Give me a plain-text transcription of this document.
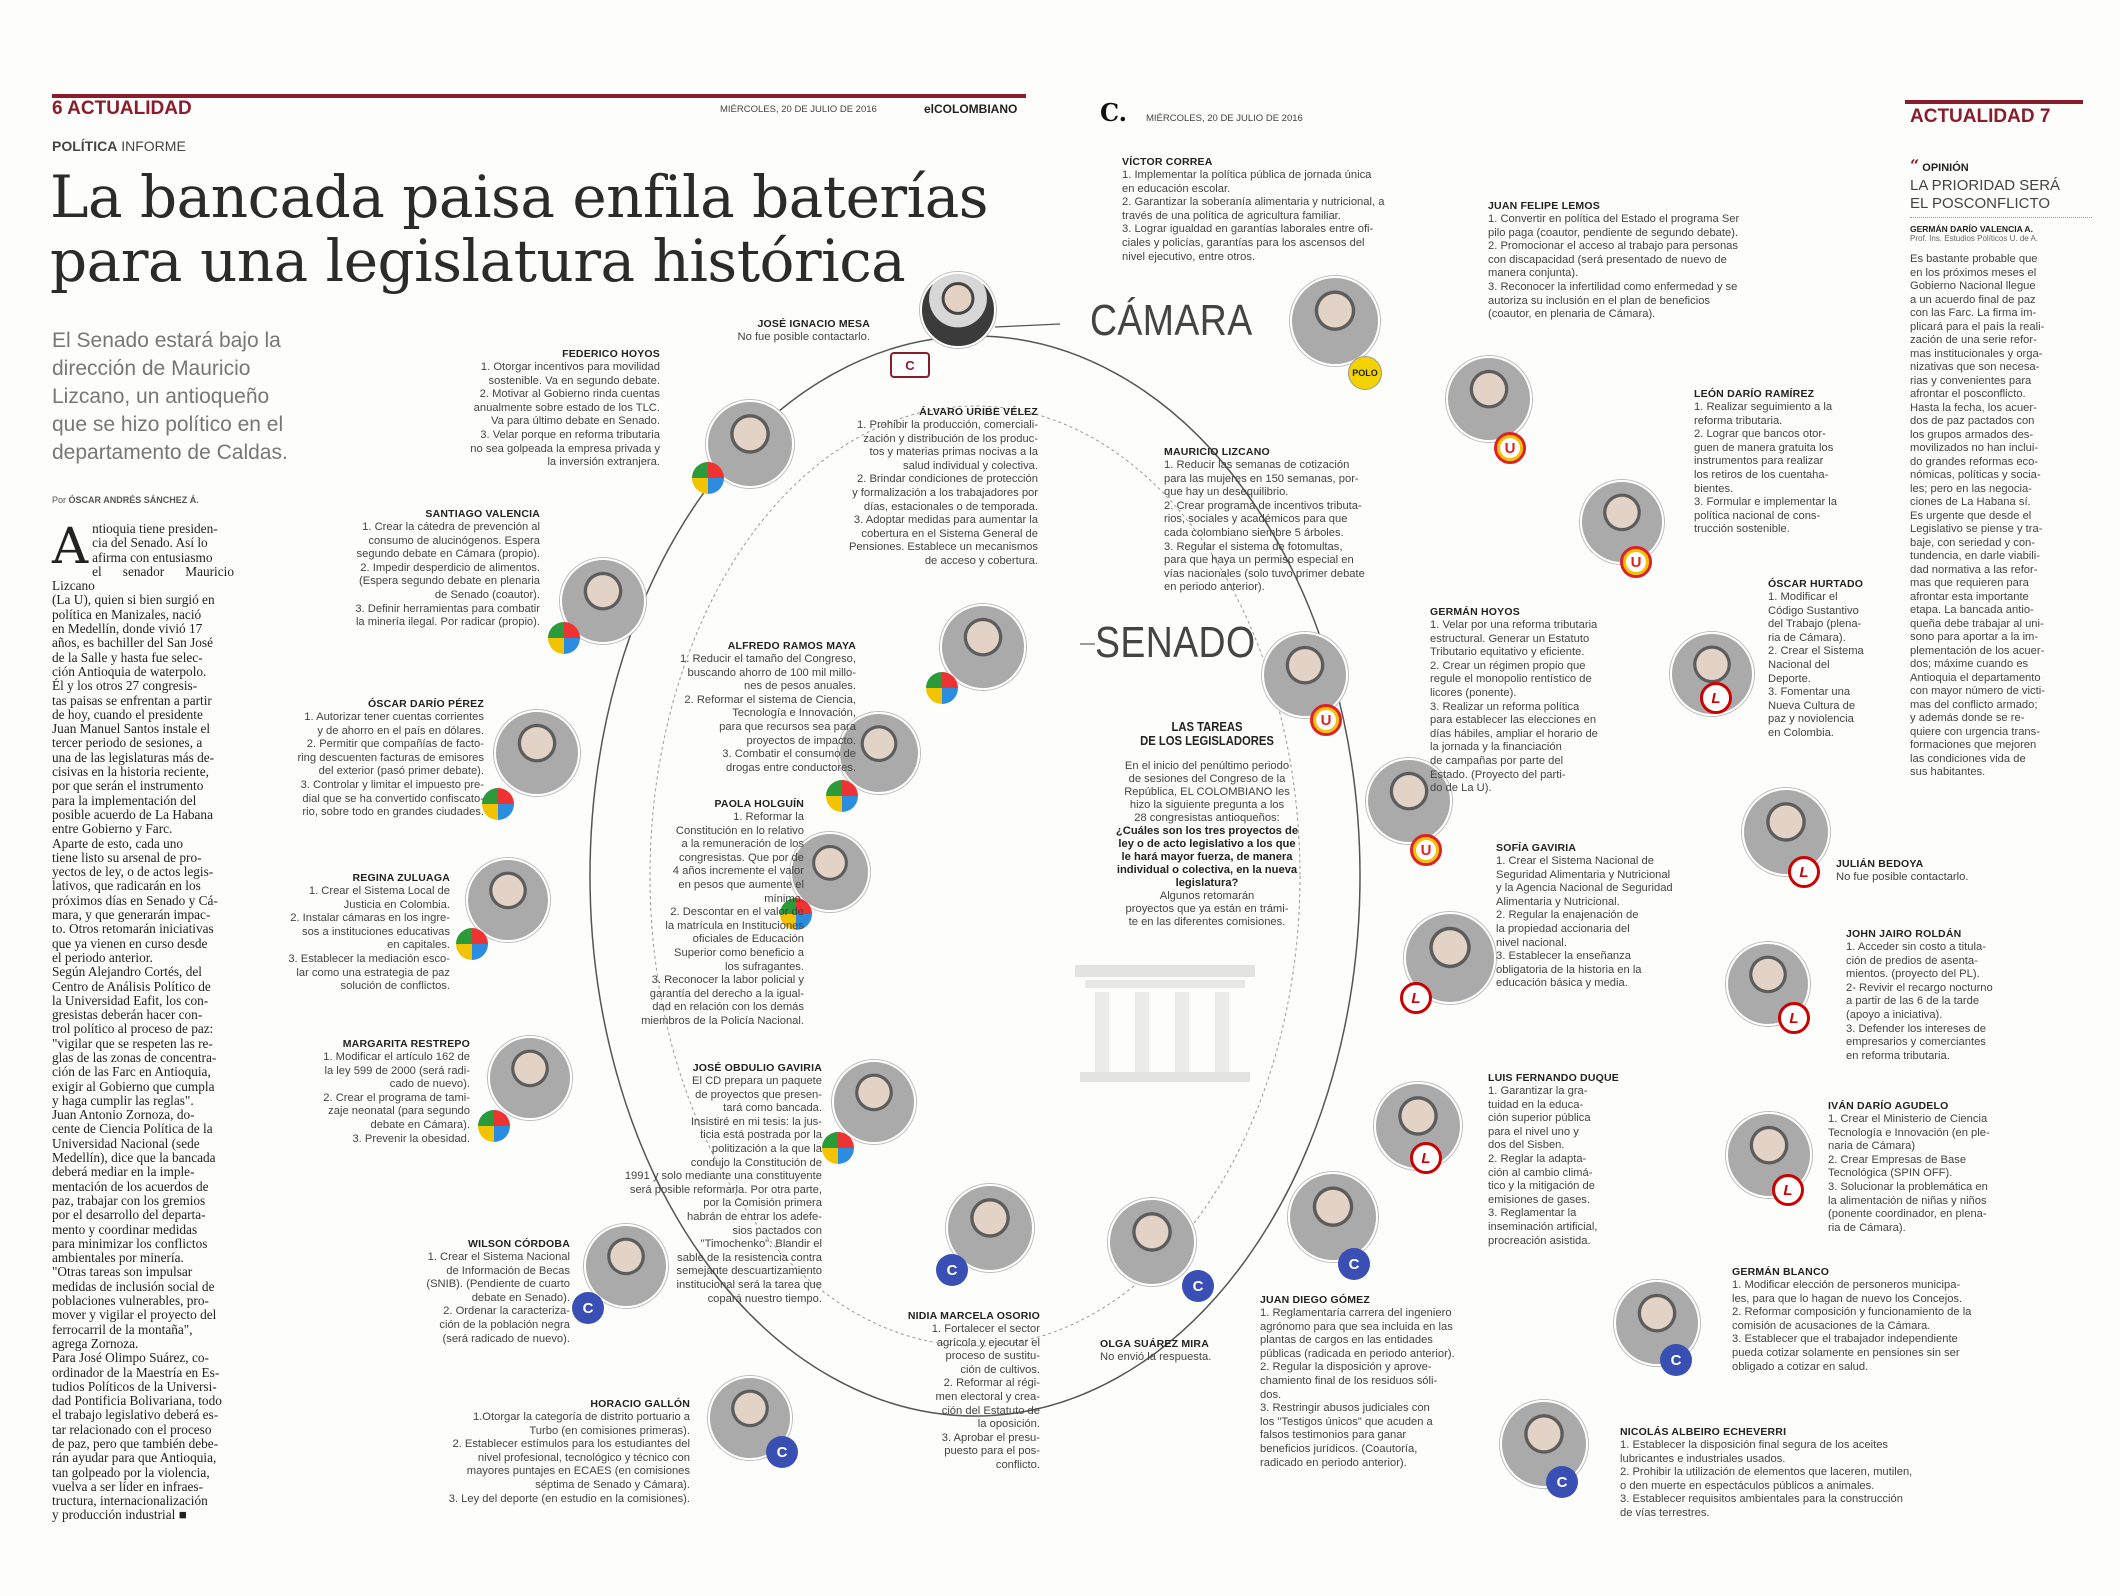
6 ACTUALIDAD	MIÉRCOLES, 20 DE JULIO DE 2016	elCOLOMBIANO
POLÍTICA INFORME
La bancada paisa enfila baterías
para una legislatura histórica
El Senado estará bajo la
dirección de Mauricio
Lizcano, un antioqueño
que se hizo político en el
departamento de Caldas.
Por ÓSCAR ANDRÉS SÁNCHEZ Á.
A ntioquia tiene presiden-
cia del Senado. Así lo
afirma con entusiasmo
el senador Mauricio Lizcano
(La U), quien si bien surgió en
política en Manizales, nació
en Medellín, donde vivió 17
años, es bachiller del San José
de la Salle y hasta fue selec-
ción Antioquia de waterpolo.
Él y los otros 27 congresis-
tas paisas se enfrentan a partir
de hoy, cuando el presidente
Juan Manuel Santos instale el
tercer periodo de sesiones, a
una de las legislaturas más de-
cisivas en la historia reciente,
por que serán el instrumento
para la implementación del
posible acuerdo de La Habana
entre Gobierno y Farc.
Aparte de esto, cada uno
tiene listo su arsenal de pro-
yectos de ley, o de actos legis-
lativos, que radicarán en los
próximos días en Senado y Cá-
mara, y que generarán impac-
to. Otros retomarán iniciativas
que ya vienen en curso desde
el periodo anterior.
Según Alejandro Cortés, del
Centro de Análisis Político de
la Universidad Eafit, los con-
gresistas deberán hacer con-
trol político al proceso de paz:
"vigilar que se respeten las re-
glas de las zonas de concentra-
ción de las Farc en Antioquia,
exigir al Gobierno que cumpla
y haga cumplir las reglas".
Juan Antonio Zornoza, do-
cente de Ciencia Política de la
Universidad Nacional (sede
Medellín), dice que la bancada
deberá mediar en la imple-
mentación de los acuerdos de
paz, trabajar con los gremios
por el desarrollo del departa-
mento y coordinar medidas
para minimizar los conflictos
ambientales por minería.
"Otras tareas son impulsar
medidas de inclusión social de
poblaciones vulnerables, pro-
mover y vigilar el proyecto del
ferrocarril de la montaña",
agrega Zornoza.
Para José Olimpo Suárez, co-
ordinador de la Maestría en Es-
tudios Políticos de la Universi-
dad Pontificia Bolivariana, todo
el trabajo legislativo deberá es-
tar relacionado con el proceso
de paz, pero que también debe-
rán ayudar para que Antioquia,
tan golpeado por la violencia,
vuelva a ser líder en infraes-
tructura, internacionalización
y producción industrial ■
C. MIÉRCOLES, 20 DE JULIO DE 2016	ACTUALIDAD 7
“ OPINIÓN
LA PRIORIDAD SERÁ
EL POSCONFLICTO
GERMÁN DARÍO VALENCIA A.
Prof. Ins. Estudios Políticos U. de A.
Es bastante probable que
en los próximos meses el
Gobierno Nacional llegue
a un acuerdo final de paz
con las Farc. La firma im-
plicará para el país la reali-
zación de una serie refor-
mas institucionales y orga-
nizativas que son necesa-
rias y convenientes para
afrontar el posconflicto.
Hasta la fecha, los acuer-
dos de paz pactados con
los grupos armados des-
movilizados no han inclui-
do grandes reformas eco-
nómicas, políticas y socia-
les; pero en las negocia-
ciones de La Habana sí.
Es urgente que desde el
Legislativo se piense y tra-
baje, con seriedad y con-
tundencia, en darle viabili-
dad normativa a las refor-
mas que requieren para
afrontar esta importante
etapa. La bancada antio-
queña debe trabajar al uni-
sono para aportar a la im-
plementación de los acuer-
dos; máxime cuando es
Antioquia el departamento
con mayor número de victi-
mas del conflicto armado;
y además donde se re-
quiere con urgencia trans-
formaciones que mejoren
las condiciones vida de
sus habitantes.
CÁMARA
SENADO
LAS TAREAS
DE LOS LEGISLADORES
En el inicio del penúltimo periodo
de sesiones del Congreso de la
República, EL COLOMBIANO les
hizo la siguiente pregunta a los
28 congresistas antioqueños:
¿Cuáles son los tres proyectos de
ley o de acto legislativo a los que
le hará mayor fuerza, de manera
individual o colectiva, en la nueva
legislatura?
Algunos retomarán
proyectos que ya están en trámi-
te en las diferentes comisiones.
C
C
C
C
POLO
U
U
U
L
U
L
L
L
L
L
C
C
C
C
JOSÉ IGNACIO MESA
No fue posible contactarlo.
FEDERICO HOYOS
1. Otorgar incentivos para movilidad
sostenible. Va en segundo debate.
2. Motivar al Gobierno rinda cuentas
anualmente sobre estado de los TLC.
Va para último debate en Senado.
3. Velar porque en reforma tributaria
no sea golpeada la empresa privada y
la inversión extranjera.
ÁLVARO URIBE VÉLEZ
1. Prohibir la producción, comerciali-
zación y distribución de los produc-
tos y materias primas nocivas a la
salud individual y colectiva.
2. Brindar condiciones de protección
y formalización a los trabajadores por
días, estacionales o de temporada.
3. Adoptar medidas para aumentar la
cobertura en el Sistema General de
Pensiones. Establece un mecanismos
de acceso y cobertura.
SANTIAGO VALENCIA
1. Crear la cátedra de prevención al
consumo de alucinógenos. Espera
segundo debate en Cámara (propio).
2. Impedir desperdicio de alimentos.
(Espera segundo debate en plenaria
de Senado (coautor).
3. Definir herramientas para combatir
la minería ilegal. Por radicar (propio).
ALFREDO RAMOS MAYA
1. Reducir el tamaño del Congreso,
buscando ahorro de 100 mil millo-
nes de pesos anuales.
2. Reformar el sistema de Ciencia,
Tecnología e Innovación,
para que recursos sea para
proyectos de impacto.
3. Combatir el consumo de
drogas entre conductores.
ÓSCAR DARÍO PÉREZ
1. Autorizar tener cuentas corrientes
y de ahorro en el país en dólares.
2. Permitir que compañías de facto-
ring descuenten facturas de emisores
del exterior (pasó primer debate).
3. Controlar y limitar el impuesto pre-
dial que se ha convertido confiscato-
rio, sobre todo en grandes ciudades.
PAOLA HOLGUÍN
1. Reformar la
Constitución en lo relativo
a la remuneración de los
congresistas. Que por de
4 años incremente el valor
en pesos que aumente el
mínimo.
2. Descontar en el valor de
la matrícula en Instituciones
oficiales de Educación
Superior como beneficio a
los sufragantes.
3. Reconocer la labor policial y
garantía del derecho a la igual-
dad en relación con los demás
miembros de la Policía Nacional.
REGINA ZULUAGA
1. Crear el Sistema Local de
Justicia en Colombia.
2. Instalar cámaras en los ingre-
sos a instituciones educativas
en capitales.
3. Establecer la mediación esco-
lar como una estrategia de paz
solución de conflictos.
MARGARITA RESTREPO
1. Modificar el artículo 162 de
la ley 599 de 2000 (será radi-
cado de nuevo).
2. Crear el programa de tami-
zaje neonatal (para segundo
debate en Cámara).
3. Prevenir la obesidad.
JOSÉ OBDULIO GAVIRIA
El CD prepara un paquete
de proyectos que presen-
tará como bancada.
Insistiré en mi tesis: la jus-
ticia está postrada por la
politización a la que la
condujo la Constitución de
1991 y solo mediante una constituyente
será posible reformarla. Por otra parte,
por la Comisión primera
habrán de entrar los adefe-
sios pactados con
"Timochenko". Blandir el
sable de la resistencia contra
semejante descuartizamiento
institucional será la tarea que
copará nuestro tiempo.
WILSON CÓRDOBA
1. Crear el Sistema Nacional
de Información de Becas
(SNIB). (Pendiente de cuarto
debate en Senado).
2. Ordenar la caracteriza-
ción de la población negra
(será radicado de nuevo).
NIDIA MARCELA OSORIO
1. Fortalecer el sector
agrícola y ejecutar el
proceso de sustitu-
ción de cultivos.
2. Reformar al régi-
men electoral y crea-
ción del Estatuto de
la oposición.
3. Aprobar el presu-
puesto para el pos-
conflicto.
HORACIO GALLÓN
1.Otorgar la categoría de distrito portuario a
Turbo (en comisiones primeras).
2. Establecer estímulos para los estudiantes del
nivel profesional, tecnológico y técnico con
mayores puntajes en ECAES (en comisiones
séptima de Senado y Cámara).
3. Ley del deporte (en estudio en la comisiones).
VÍCTOR CORREA
1. Implementar la política pública de jornada única
en educación escolar.
2. Garantizar la soberanía alimentaria y nutricional, a
través de una política de agricultura familiar.
3. Lograr igualdad en garantías laborales entre ofi-
ciales y policías, garantías para los ascensos del
nivel ejecutivo, entre otros.
JUAN FELIPE LEMOS
1. Convertir en política del Estado el programa Ser
pilo paga (coautor, pendiente de segundo debate).
2. Promocionar el acceso al trabajo para personas
con discapacidad (será presentado de nuevo de
manera conjunta).
3. Reconocer la infertilidad como enfermedad y se
autoriza su inclusión en el plan de beneficios
(coautor, en plenaria de Cámara).
MAURICIO LIZCANO
1. Reducir las semanas de cotización
para las mujeres en 150 semanas, por-
que hay un desequilibrio.
2. Crear programa de incentivos tributa-
rios, sociales y académicos para que
cada colombiano siembre 5 árboles.
3. Regular el sistema de fotomultas,
para que haya un permiso especial en
vías nacionales (solo tuvo primer debate
en periodo anterior).
LEÓN DARÍO RAMÍREZ
1. Realizar seguimiento a la
reforma tributaria.
2. Lograr que bancos otor-
guen de manera gratuita los
instrumentos para realizar
los retiros de los cuentaha-
bientes.
3. Formular e implementar la
política nacional de cons-
trucción sostenible.
GERMÁN HOYOS
1. Velar por una reforma tributaria
estructural. Generar un Estatuto
Tributario equitativo y eficiente.
2. Crear un régimen propio que
regule el monopolio rentístico de
licores (ponente).
3. Realizar un reforma política
para establecer las elecciones en
días hábiles, ampliar el horario de
la jornada y la financiación
de campañas por parte del
Estado. (Proyecto del parti-
do de La U).
ÓSCAR HURTADO
1. Modificar el
Código Sustantivo
del Trabajo (plena-
ria de Cámara).
2. Crear el Sistema
Nacional del
Deporte.
3. Fomentar una
Nueva Cultura de
paz y noviolencia
en Colombia.
SOFÍA GAVIRIA
1. Crear el Sistema Nacional de
Seguridad Alimentaria y Nutricional
y la Agencia Nacional de Seguridad
Alimentaria y Nutricional.
2. Regular la enajenación de
la propiedad accionaria del
nivel nacional.
3. Establecer la enseñanza
obligatoria de la historia en la
educación básica y media.
JULIÁN BEDOYA
No fue posible contactarlo.
JOHN JAIRO ROLDÁN
1. Acceder sin costo a titula-
ción de predios de asenta-
mientos. (proyecto del PL).
2- Revivir el recargo nocturno
a partir de las 6 de la tarde
(apoyo a iniciativa).
3. Defender los intereses de
empresarios y comerciantes
en reforma tributaria.
LUIS FERNANDO DUQUE
1. Garantizar la gra-
tuidad en la educa-
ción superior pública
para el nivel uno y
dos del Sisben.
2. Reglar la adapta-
ción al cambio climá-
tico y la mitigación de
emisiones de gases.
3. Reglamentar la
inseminación artificial,
procreación asistida.
IVÁN DARÍO AGUDELO
1. Crear el Ministerio de Ciencia
Tecnología e Innovación (en ple-
naria de Cámara)
2. Crear Empresas de Base
Tecnológica (SPIN OFF).
3. Solucionar la problemática en
la alimentación de niñas y niños
(ponente coordinador, en plena-
ria de Cámara).
OLGA SUÁREZ MIRA
No envió la respuesta.
JUAN DIEGO GÓMEZ
1. Reglamentaría carrera del ingeniero
agrónomo para que sea incluida en las
plantas de cargos en las entidades
públicas (radicada en periodo anterior).
2. Regular la disposición y aprove-
chamiento final de los residuos sóli-
dos.
3. Restringir abusos judiciales con
los "Testigos únicos" que acuden a
falsos testimonios para ganar
beneficios jurídicos. (Coautoría,
radicado en periodo anterior).
GERMÁN BLANCO
1. Modificar elección de personeros municipa-
les, para que lo hagan de nuevo los Concejos.
2. Reformar composición y funcionamiento de la
comisión de acusaciones de la Cámara.
3. Establecer que el trabajador independiente
pueda cotizar solamente en pensiones sin ser
obligado a cotizar en salud.
NICOLÁS ALBEIRO ECHEVERRI
1. Establecer la disposición final segura de los aceites
lubricantes e industriales usados.
2. Prohibir la utilización de elementos que laceren, mutilen,
o den muerte en espectáculos públicos a animales.
3. Establecer requisitos ambientales para la construcción
de vías terrestres.
